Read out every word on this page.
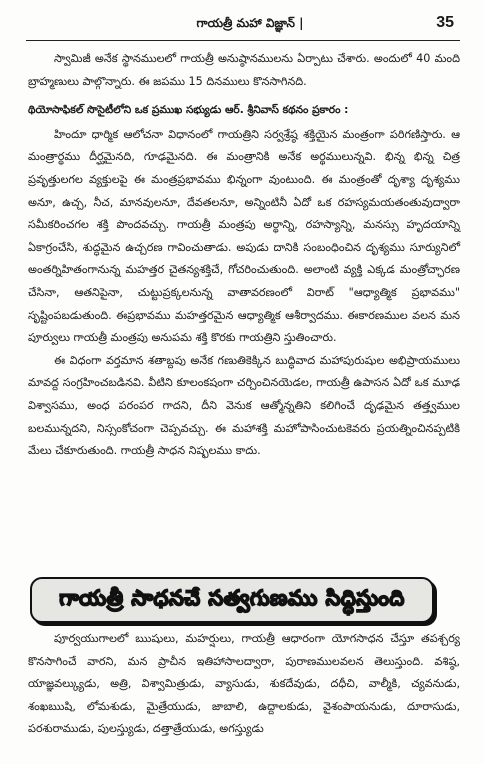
గాయత్రీ మహా విజ్ఞాన్ |	35

స్వామిజీ అనేక స్థానములలో గాయత్రీ అనుష్ఠానములను ఏర్పాటు చేశారు. అందులో 40 మంది బ్రాహ్మణులు పాల్గొన్నారు. ఈ జపము 15 దినములు కొనసాగినది.

థియోసాఫికల్ సొసైటీలోని ఒక ప్రముఖ సభ్యుడు ఆర్. శ్రీనివాస్ కథనం ప్రకారం :

హిందూ ధార్మిక ఆలోచనా విధానంలో గాయత్రిని సర్వశ్రేష్ఠ శక్తియైన మంత్రంగా పరిగణిస్తారు. ఆ మంత్రార్థము దీర్ఘమైనది, గూఢమైనది. ఈ మంత్రానికి అనేక అర్థములున్నవి. భిన్న భిన్న చిత్ర ప్రవృత్తులగల వ్యక్తులపై ఈ మంత్రప్రభావము భిన్నంగా వుంటుంది. ఈ మంత్రంతో దృశ్యా దృశ్యము అనూ, ఉచ్చ, నీచ, మానవులనూ, దేవతలనూ, అన్నింటినీ ఏదో ఒక రహస్యమయతంతువుద్వారా సమీకరించగల శక్తి పొందవచ్చు. గాయత్రీ మంత్రపు అర్థాన్ని, రహస్యాన్ని, మనస్సు హృదయాన్ని ఏకాగ్రంచేసి, శుద్ధమైన ఉచ్చరణ గావించుతాడు. అపుడు దానికి సంబంధించిన దృశ్యము సూర్యునిలో అంతర్నిహితంగానున్న మహత్తర చైతన్యశక్తిచే, గోచరించుతుంది. అలాంటి వ్యక్తి ఎక్కడ మంత్రోచ్ఛారణ చేసినా, ఆతనిపైనా, చుట్టుప్రక్కలనున్న వాతావరణంలో విరాట్ "ఆధ్యాత్మిక ప్రభావము" సృష్టింపబడుతుంది. ఈప్రభావము మహత్తరమైన ఆధ్యాత్మిక ఆశీర్వాదము. ఈకారణముల వలన మన పూర్వులు గాయత్రీ మంత్రపు అనుపమ శక్తి కొరకు గాయత్రిని స్తుతించారు.

ఈ విధంగా వర్తమాన శతాబ్దపు అనేక గణుతికెక్కిన బుద్ధివాద మహాపురుషుల అభిప్రాయములు మావద్ద సంగ్రహించబడినవి. వీటిని కూలంకషంగా చర్చించినయెడల, గాయత్రీ ఉపాసన ఏదో ఒక మూఢ విశ్వాసము, అంధ పరంపర గాదని, దీని వెనుక ఆత్మోన్నతిని కలిగించే దృఢమైన తత్త్వముల బలమున్నదని, నిస్సంకోచంగా చెప్పవచ్చు. ఈ మహాశక్తి మహోపాసించుటకెవరు ప్రయత్నించినప్పటికి మేలు చేకూరుతుంది. గాయత్రీ సాధన నిష్ఫలము కాదు.

గాయత్రీ సాధనచే సత్వగుణము సిద్ధిస్తుంది

పూర్వయుగాలలో ఋషులు, మహర్షులు, గాయత్రీ ఆధారంగా యోగసాధన చేస్తూ తపశ్చర్య కొనసాగించే వారని, మన ప్రాచీన ఇతిహాసాలద్వారా, పురాణములవలన తెలుస్తుంది. వశిష్ఠ, యాజ్ఞవల్క్యుడు, అత్రి, విశ్వామిత్రుడు, వ్యాసుడు, శుకదేవుడు, దధీచి, వాల్మీకి, చ్యవనుడు, శంఖఋషి, లోమశుడు, మైత్రేయుడు, జాబాలి, ఉద్దాలకుడు, వైశంపాయనుడు, దూరాసుడు, పరశురాముడు, పులస్త్యుడు, దత్తాత్రేయుడు, అగస్త్యుడు
